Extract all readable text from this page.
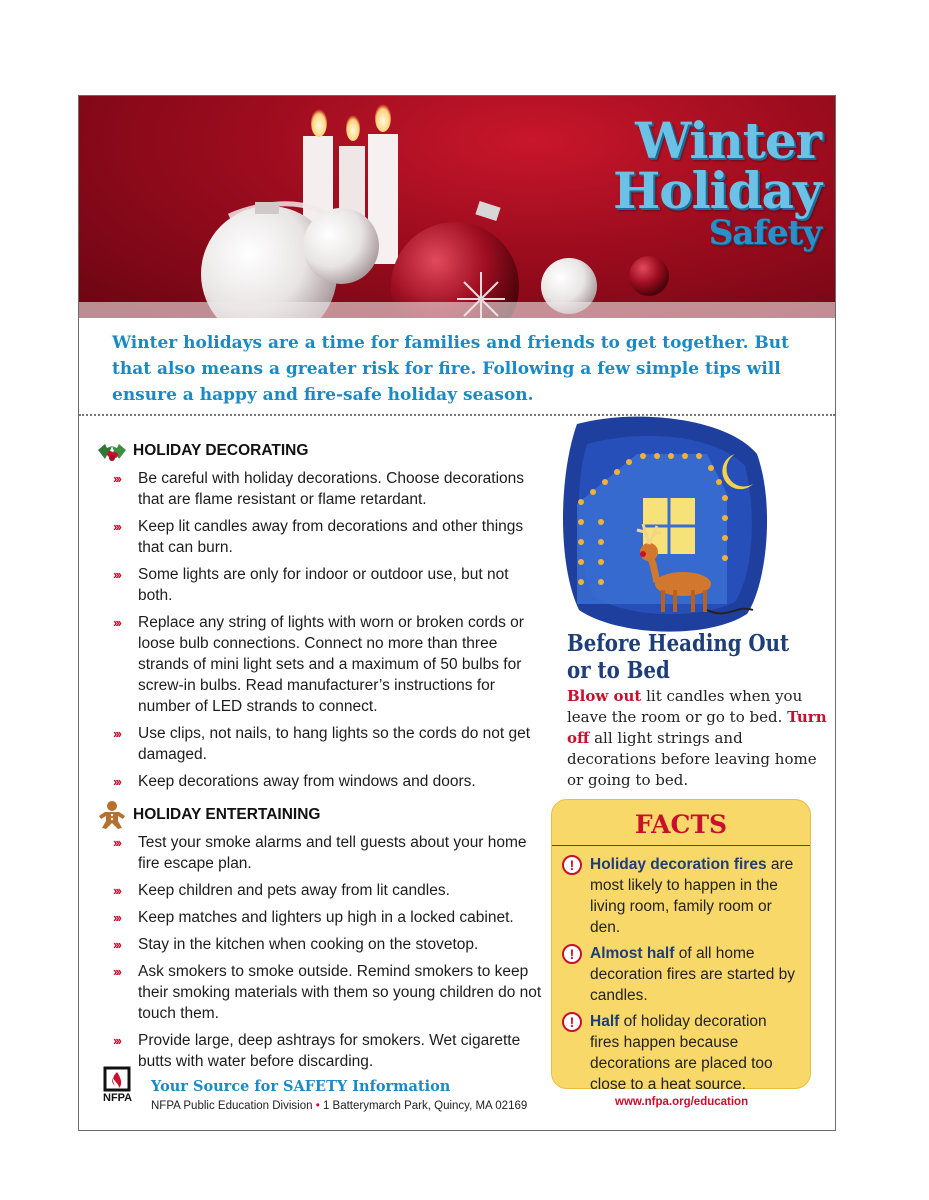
Winter
Holiday
Safety

Winter holidays are a time for families and friends to get together. But that also means a greater risk for fire. Following a few simple tips will ensure a happy and fire-safe holiday season.

HOLIDAY DECORATING
››› Be careful with holiday decorations. Choose decorations that are flame resistant or flame retardant.
››› Keep lit candles away from decorations and other things that can burn.
››› Some lights are only for indoor or outdoor use, but not both.
››› Replace any string of lights with worn or broken cords or loose bulb connections. Connect no more than three strands of mini light sets and a maximum of 50 bulbs for screw-in bulbs. Read manufacturer’s instructions for number of LED strands to connect.
››› Use clips, not nails, to hang lights so the cords do not get damaged.
››› Keep decorations away from windows and doors.
HOLIDAY ENTERTAINING
››› Test your smoke alarms and tell guests about your home fire escape plan.
››› Keep children and pets away from lit candles.
››› Keep matches and lighters up high in a locked cabinet.
››› Stay in the kitchen when cooking on the stovetop.
››› Ask smokers to smoke outside. Remind smokers to keep their smoking materials with them so young children do not touch them.
››› Provide large, deep ashtrays for smokers. Wet cigarette butts with water before discarding.
Before Heading Out or to Bed

Blow out lit candles when you leave the room or go to bed. Turn off all light strings and decorations before leaving home or going to bed.

FACTS
!	Holiday decoration fires are most likely to happen in the living room, family room or den.
!	Almost half of all home decoration fires are started by candles.
!	Half of holiday decoration fires happen because decorations are placed too close to a heat source.
NFPA
Your Source for SAFETY Information
NFPA Public Education Division • 1 Batterymarch Park, Quincy, MA 02169	www.nfpa.org/education
